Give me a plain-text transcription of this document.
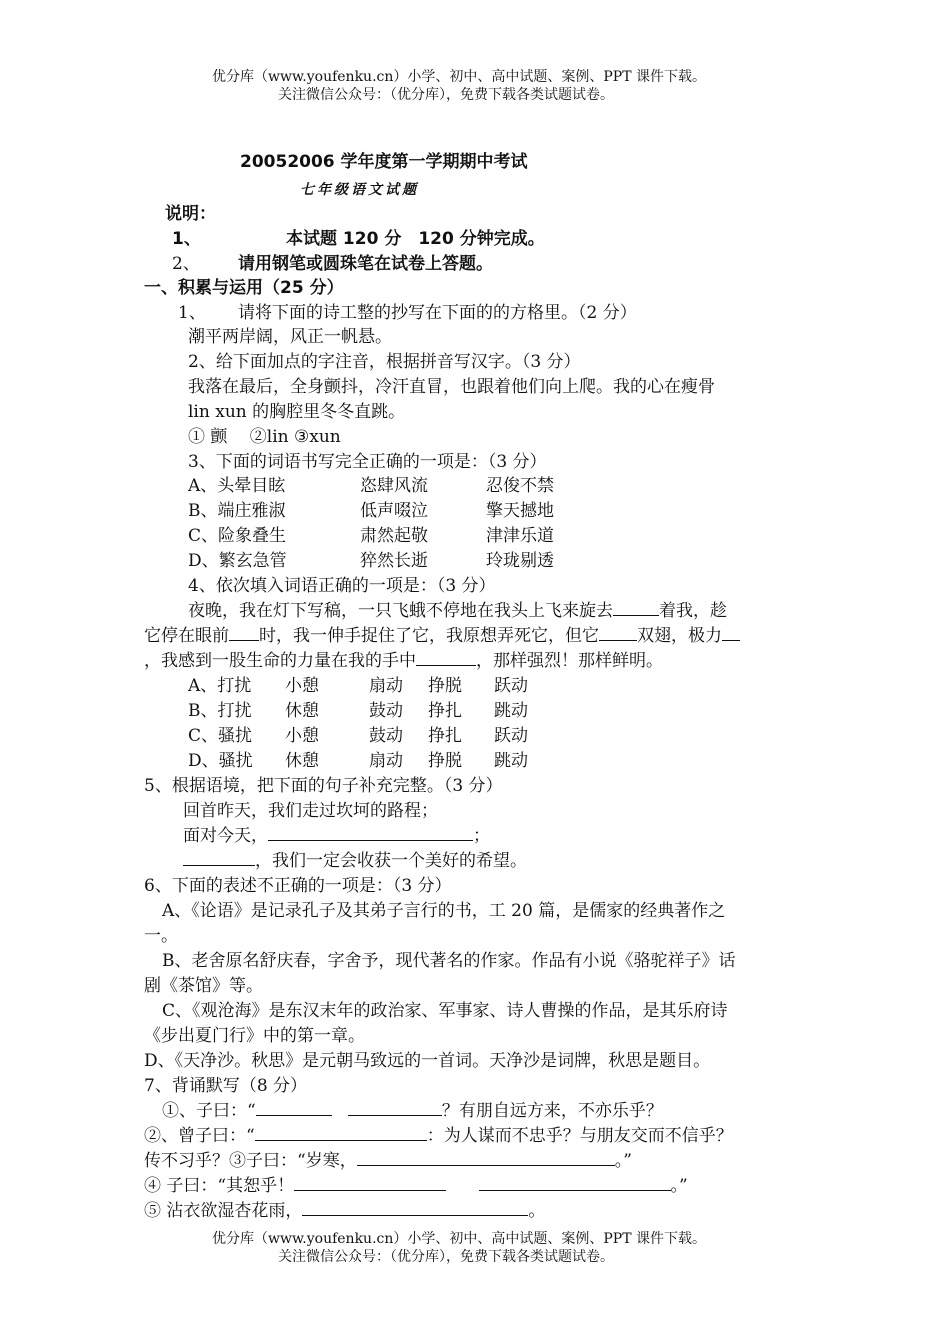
优分库（www.youfenku.cn）小学、初中、高中试题、案例、PPT 课件下载。
关注微信公众号：（优分库），免费下载各类试题试卷。
20052006 学年度第一学期期中考试
七年级语文试题
说明：
1、	本试题 120 分　120 分钟完成。
2、 请用钢笔或圆珠笔在试卷上答题。
一、积累与运用（25 分）
1、 请将下面的诗工整的抄写在下面的的方格里。（2 分）
潮平两岸阔，风正一帆悬。
2、给下面加点的字注音，根据拼音写汉字。（3 分）
我落在最后，全身颤抖，冷汗直冒，也跟着他们向上爬。我的心在瘦骨
lin xun 的胸腔里冬冬直跳。
① 颤　 ②lin ③xun
3、下面的词语书写完全正确的一项是：（3 分）
A、头晕目眩	恣肆风流	忍俊不禁
B、端庄雅淑	低声啜泣	擎天撼地
C、险象叠生	肃然起敬	津津乐道
D、繁玄急管	猝然长逝	玲珑剔透
4、依次填入词语正确的一项是：（3 分）
夜晚，我在灯下写稿，一只飞蛾不停地在我头上飞来旋去	着我，趁
它停在眼前 时，我一伸手捉住了它，我原想弄死它，但它 双翅，极力
，我感到一股生命的力量在我的手中	，那样强烈！那样鲜明。
A、打扰 小憩	扇动 挣脱 跃动
B、打扰 休憩	鼓动 挣扎 跳动
C、骚扰 小憩	鼓动 挣扎 跃动
D、骚扰 休憩	扇动 挣脱 跳动
5、根据语境，把下面的句子补充完整。（3 分）
回首昨天，我们走过坎坷的路程；
面对今天，	；
，我们一定会收获一个美好的希望。
6、下面的表述不正确的一项是：（3 分）
A、《论语》是记录孔子及其弟子言行的书，工 20 篇，是儒家的经典著作之
一。
B、老舍原名舒庆春，字舍予，现代著名的作家。作品有小说《骆驼祥子》话
剧《茶馆》等。
C、《观沧海》是东汉末年的政治家、军事家、诗人曹操的作品，是其乐府诗
《步出夏门行》中的第一章。
D、《天净沙。秋思》是元朝马致远的一首词。天净沙是词牌，秋思是题目。
7、背诵默写（8 分）
①、子曰：“	？有朋自远方来，不亦乐乎？
②、曾子曰：“	：为人谋而不忠乎？与朋友交而不信乎？
传不习乎？③子曰：“岁寒，	。”
④ 子曰：“其恕乎！	。”
⑤ 沾衣欲湿杏花雨，	。
优分库（www.youfenku.cn）小学、初中、高中试题、案例、PPT 课件下载。
关注微信公众号：（优分库），免费下载各类试题试卷。
